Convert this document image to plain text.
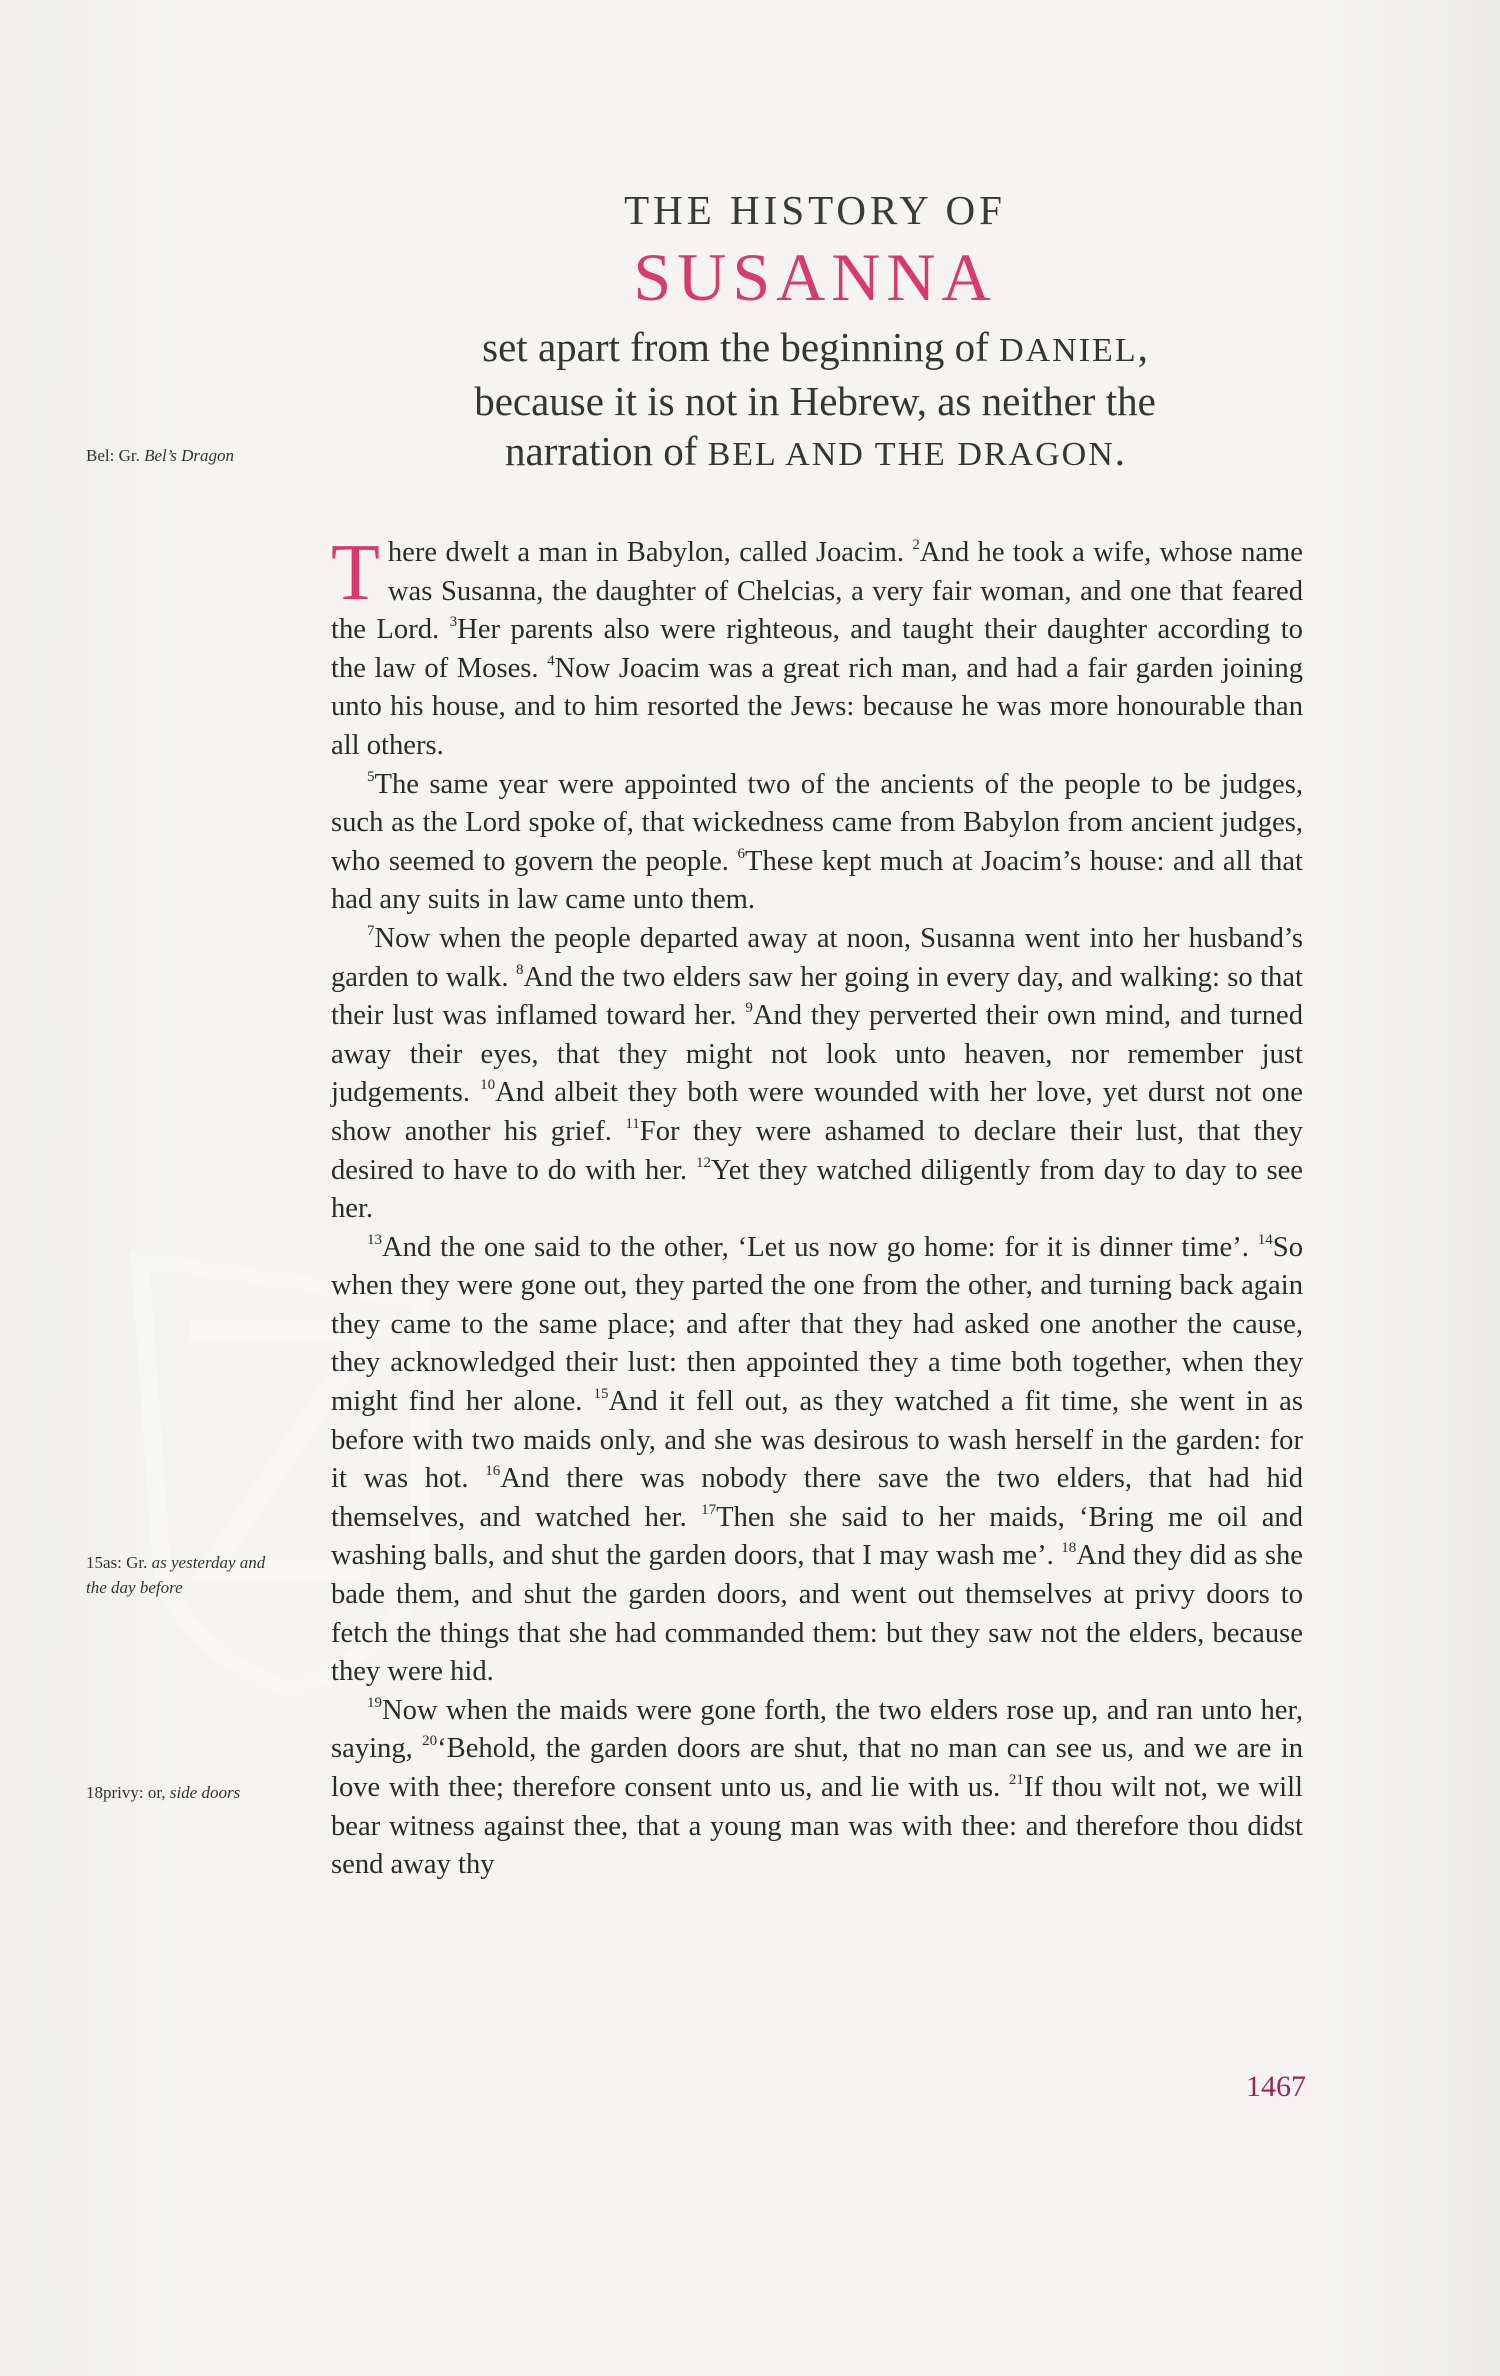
THE HISTORY OF
SUSANNA
set apart from the beginning of DANIEL,
because it is not in Hebrew, as neither the
narration of BEL AND THE DRAGON.
Bel: Gr. Bel’s Dragon
15as: Gr. as yesterday and the day before
18privy: or, side doors

There dwelt a man in Babylon, called Joacim. $^2$And he took a wife, whose name was Susanna, the daughter of Chelcias, a very fair woman, and one that feared the Lord. $^3$Her parents also were righteous, and taught their daughter according to the law of Moses. $^4$Now Joacim was a great rich man, and had a fair garden joining unto his house, and to him resorted the Jews: because he was more honourable than all others.

$^5$The same year were appointed two of the ancients of the people to be judges, such as the Lord spoke of, that wickedness came from Babylon from ancient judges, who seemed to govern the people. $^6$These kept much at Joacim’s house: and all that had any suits in law came unto them.

$^7$Now when the people departed away at noon, Susanna went into her husband’s garden to walk. $^8$And the two elders saw her going in every day, and walking: so that their lust was inflamed toward her. $^9$And they perverted their own mind, and turned away their eyes, that they might not look unto heaven, nor remember just judgements. $^{10}$And albeit they both were wounded with her love, yet durst not one show another his grief. $^{11}$For they were ashamed to declare their lust, that they desired to have to do with her. $^{12}$Yet they watched diligently from day to day to see her.

$^{13}$And the one said to the other, ‘Let us now go home: for it is dinner time’. $^{14}$So when they were gone out, they parted the one from the other, and turning back again they came to the same place; and after that they had asked one another the cause, they acknowledged their lust: then appointed they a time both together, when they might find her alone. $^{15}$And it fell out, as they watched a fit time, she went in as before with two maids only, and she was desirous to wash herself in the garden: for it was hot. $^{16}$And there was nobody there save the two elders, that had hid themselves, and watched her. $^{17}$Then she said to her maids, ‘Bring me oil and washing balls, and shut the garden doors, that I may wash me’. $^{18}$And they did as she bade them, and shut the garden doors, and went out themselves at privy doors to fetch the things that she had commanded them: but they saw not the elders, because they were hid.

$^{19}$Now when the maids were gone forth, the two elders rose up, and ran unto her, saying, $^{20}$‘Behold, the garden doors are shut, that no man can see us, and we are in love with thee; therefore consent unto us, and lie with us. $^{21}$If thou wilt not, we will bear witness against thee, that a young man was with thee: and therefore thou didst send away thy

1467
